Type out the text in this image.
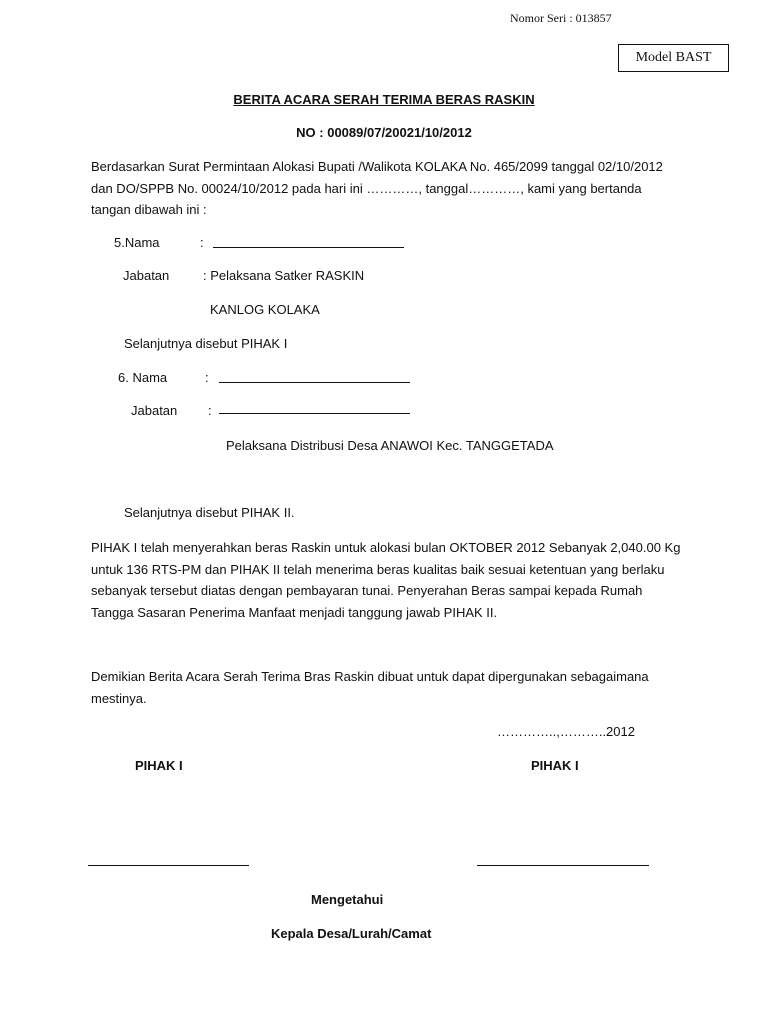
Nomor Seri : 013857
Model BAST
BERITA ACARA SERAH TERIMA BERAS RASKIN
NO : 00089/07/20021/10/2012
Berdasarkan Surat Permintaan Alokasi Bupati /Walikota KOLAKA No. 465/2099 tanggal 02/10/2012 dan DO/SPPB No. 00024/10/2012 pada hari ini …………, tanggal…………, kami yang bertanda tangan dibawah ini :
5.Nama	:
Jabatan	: Pelaksana Satker RASKIN
KANLOG KOLAKA
Selanjutnya disebut PIHAK I
6. Nama	:
Jabatan :
Pelaksana Distribusi Desa ANAWOI Kec. TANGGETADA
Selanjutnya disebut PIHAK II.
PIHAK I telah menyerahkan beras Raskin untuk alokasi bulan OKTOBER 2012 Sebanyak 2,040.00 Kg untuk 136 RTS-PM dan PIHAK II telah menerima beras kualitas baik sesuai ketentuan yang berlaku sebanyak tersebut diatas dengan pembayaran tunai. Penyerahan Beras sampai kepada Rumah Tangga Sasaran Penerima Manfaat menjadi tanggung jawab PIHAK II.
Demikian Berita Acara Serah Terima Bras Raskin dibuat untuk dapat dipergunakan sebagaimana mestinya.
…………..,………..2012
PIHAK I	PIHAK I
Mengetahui
Kepala Desa/Lurah/Camat
